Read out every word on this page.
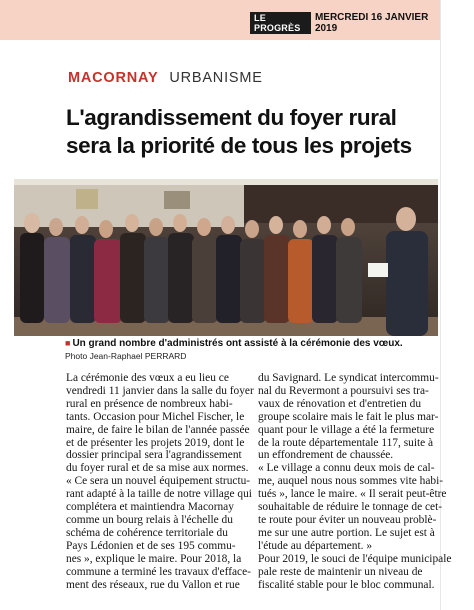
LE PROGRÈS
MERCREDI 16 JANVIER 2019
MACORNAY URBANISME
L'agrandissement du foyer rural
sera la priorité de tous les projets
■ Un grand nombre d'administrés ont assisté à la cérémonie des vœux.
Photo Jean-Raphael PERRARD
La cérémonie des vœux a eu lieu ce
vendredi 11 janvier dans la salle du foyer
rural en présence de nombreux habi-
tants. Occasion pour Michel Fischer, le
maire, de faire le bilan de l'année passée
et de présenter les projets 2019, dont le
dossier principal sera l'agrandissement
du foyer rural et de sa mise aux normes.
« Ce sera un nouvel équipement structu-
rant adapté à la taille de notre village qui
complétera et maintiendra Macornay
comme un bourg relais à l'échelle du
schéma de cohérence territoriale du
Pays Lédonien et de ses 195 commu-
nes », explique le maire. Pour 2018, la
commune a terminé les travaux d'efface-
ment des réseaux, rue du Vallon et rue
du Savignard. Le syndicat intercommu-
nal du Revermont a poursuivi ses tra-
vaux de rénovation et d'entretien du
groupe scolaire mais le fait le plus mar-
quant pour le village a été la fermeture
de la route départementale 117, suite à
un effondrement de chaussée.
« Le village a connu deux mois de cal-
me, auquel nous nous sommes vite habi-
tués », lance le maire. « Il serait peut-être
souhaitable de réduire le tonnage de cet-
te route pour éviter un nouveau problè-
me sur une autre portion. Le sujet est à
l'étude au département. »
Pour 2019, le souci de l'équipe municipale
pale reste de maintenir un niveau de
fiscalité stable pour le bloc communal.
